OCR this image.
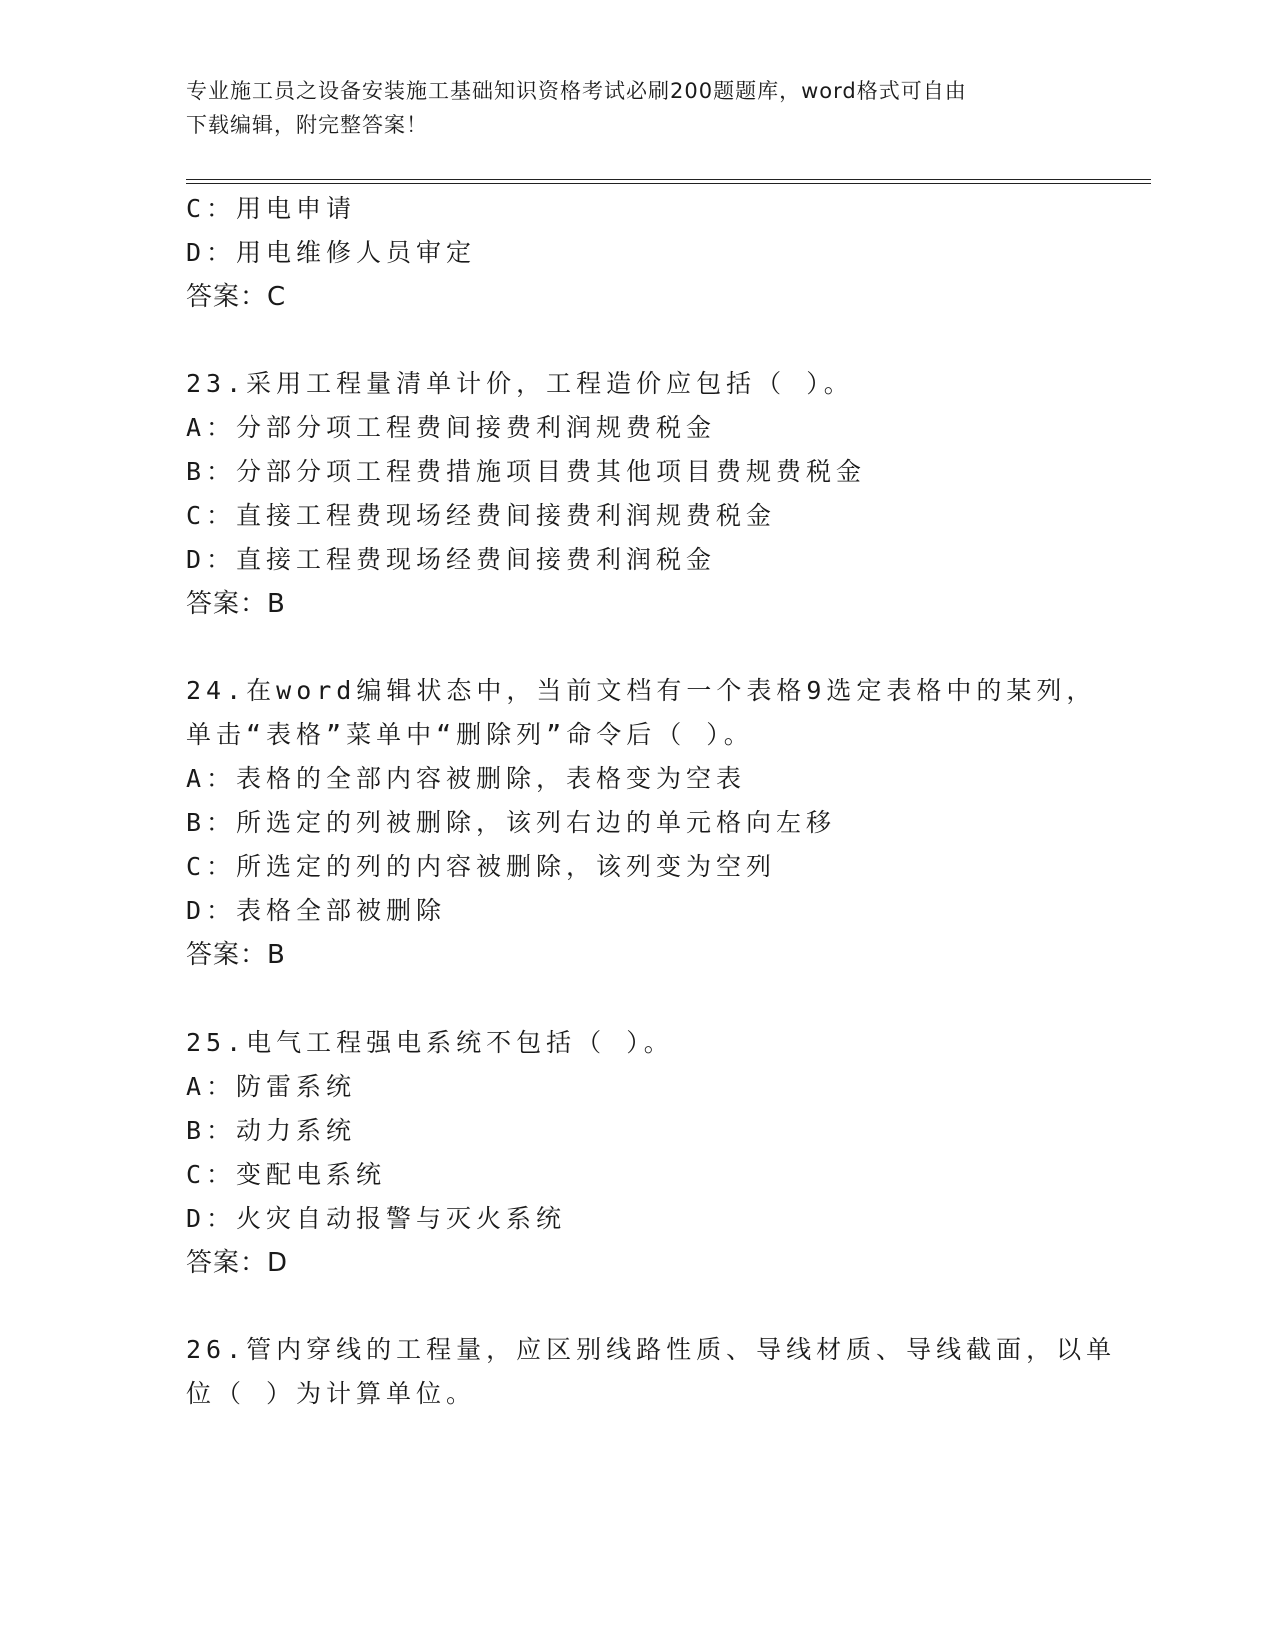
专业施工员之设备安装施工基础知识资格考试必刷200题题库，word格式可自由
下载编辑，附完整答案！
C：用电申请
D：用电维修人员审定
答案：C
23.采用工程量清单计价，工程造价应包括（ ）。
A：分部分项工程费间接费利润规费税金
B：分部分项工程费措施项目费其他项目费规费税金
C：直接工程费现场经费间接费利润规费税金
D：直接工程费现场经费间接费利润税金
答案：B
24.在word编辑状态中，当前文档有一个表格9选定表格中的某列，
单击“表格”菜单中“删除列”命令后（ ）。
A：表格的全部内容被删除，表格变为空表
B：所选定的列被删除，该列右边的单元格向左移
C：所选定的列的内容被删除，该列变为空列
D：表格全部被删除
答案：B
25.电气工程强电系统不包括（ ）。
A：防雷系统
B：动力系统
C：变配电系统
D：火灾自动报警与灭火系统
答案：D
26.管内穿线的工程量，应区别线路性质、导线材质、导线截面，以单
位（ ）为计算单位。
